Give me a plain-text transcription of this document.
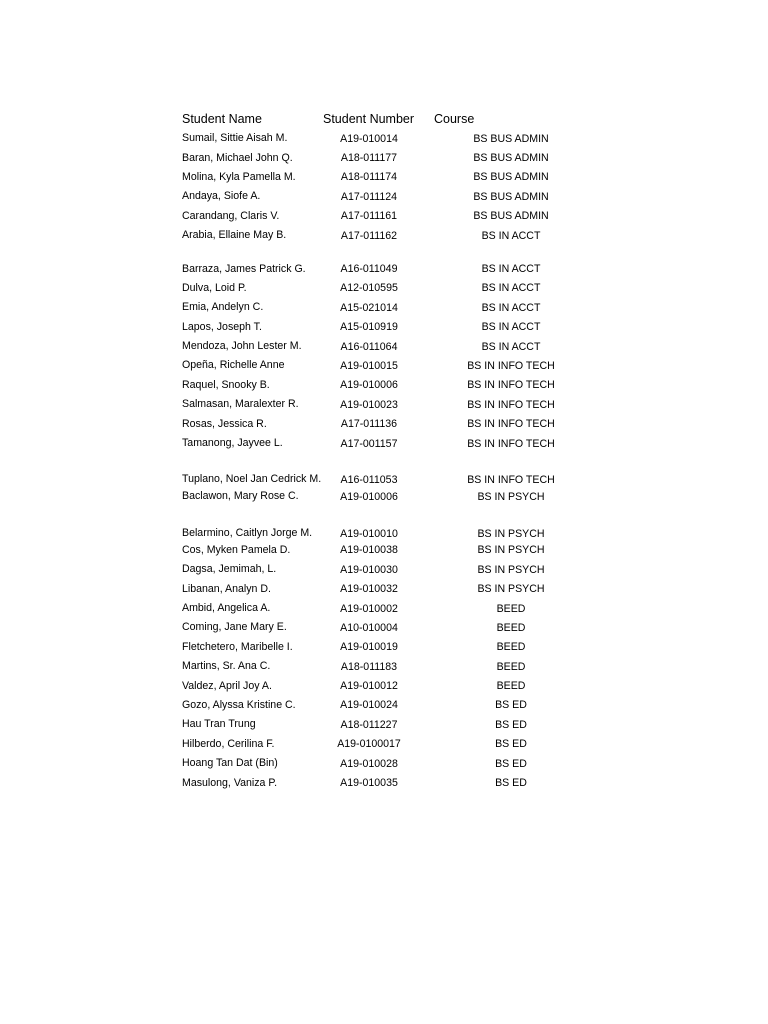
Student Name	Student Number	Course
Sumail, Sittie Aisah M.	A19-010014	BS BUS ADMIN
Baran, Michael John Q.	A18-011177	BS BUS ADMIN
Molina, Kyla Pamella M.	A18-011174	BS BUS ADMIN
Andaya, Siofe A.	A17-011124	BS BUS ADMIN
Carandang, Claris V.	A17-011161	BS BUS ADMIN
Arabia, Ellaine May B.	A17-011162	BS IN ACCT
Barraza, James Patrick G.	A16-011049	BS IN ACCT
Dulva, Loid P.	A12-010595	BS IN ACCT
Emia, Andelyn C.	A15-021014	BS IN ACCT
Lapos, Joseph T.	A15-010919	BS IN ACCT
Mendoza, John Lester M.	A16-011064	BS IN ACCT
Opeña, Richelle Anne	A19-010015	BS IN INFO TECH
Raquel, Snooky B.	A19-010006	BS IN INFO TECH
Salmasan, Maralexter R.	A19-010023	BS IN INFO TECH
Rosas, Jessica R.	A17-011136	BS IN INFO TECH
Tamanong, Jayvee L.	A17-001157	BS IN INFO TECH
Tuplano, Noel Jan Cedrick M.	A16-011053	BS IN INFO TECH
Baclawon, Mary Rose C.	A19-010006	BS IN PSYCH
Belarmino, Caitlyn Jorge M.	A19-010010	BS IN PSYCH
Cos, Myken Pamela D.	A19-010038	BS IN PSYCH
Dagsa, Jemimah, L.	A19-010030	BS IN PSYCH
Libanan, Analyn D.	A19-010032	BS IN PSYCH
Ambid, Angelica A.	A19-010002	BEED
Coming, Jane Mary E.	A10-010004	BEED
Fletchetero, Maribelle I.	A19-010019	BEED
Martins, Sr. Ana C.	A18-011183	BEED
Valdez, April Joy A.	A19-010012	BEED
Gozo, Alyssa Kristine C.	A19-010024	BS ED
Hau Tran Trung	A18-011227	BS ED
Hilberdo, Cerilina F.	A19-0100017	BS ED
Hoang Tan Dat (Bin)	A19-010028	BS ED
Masulong, Vaniza P.	A19-010035	BS ED
